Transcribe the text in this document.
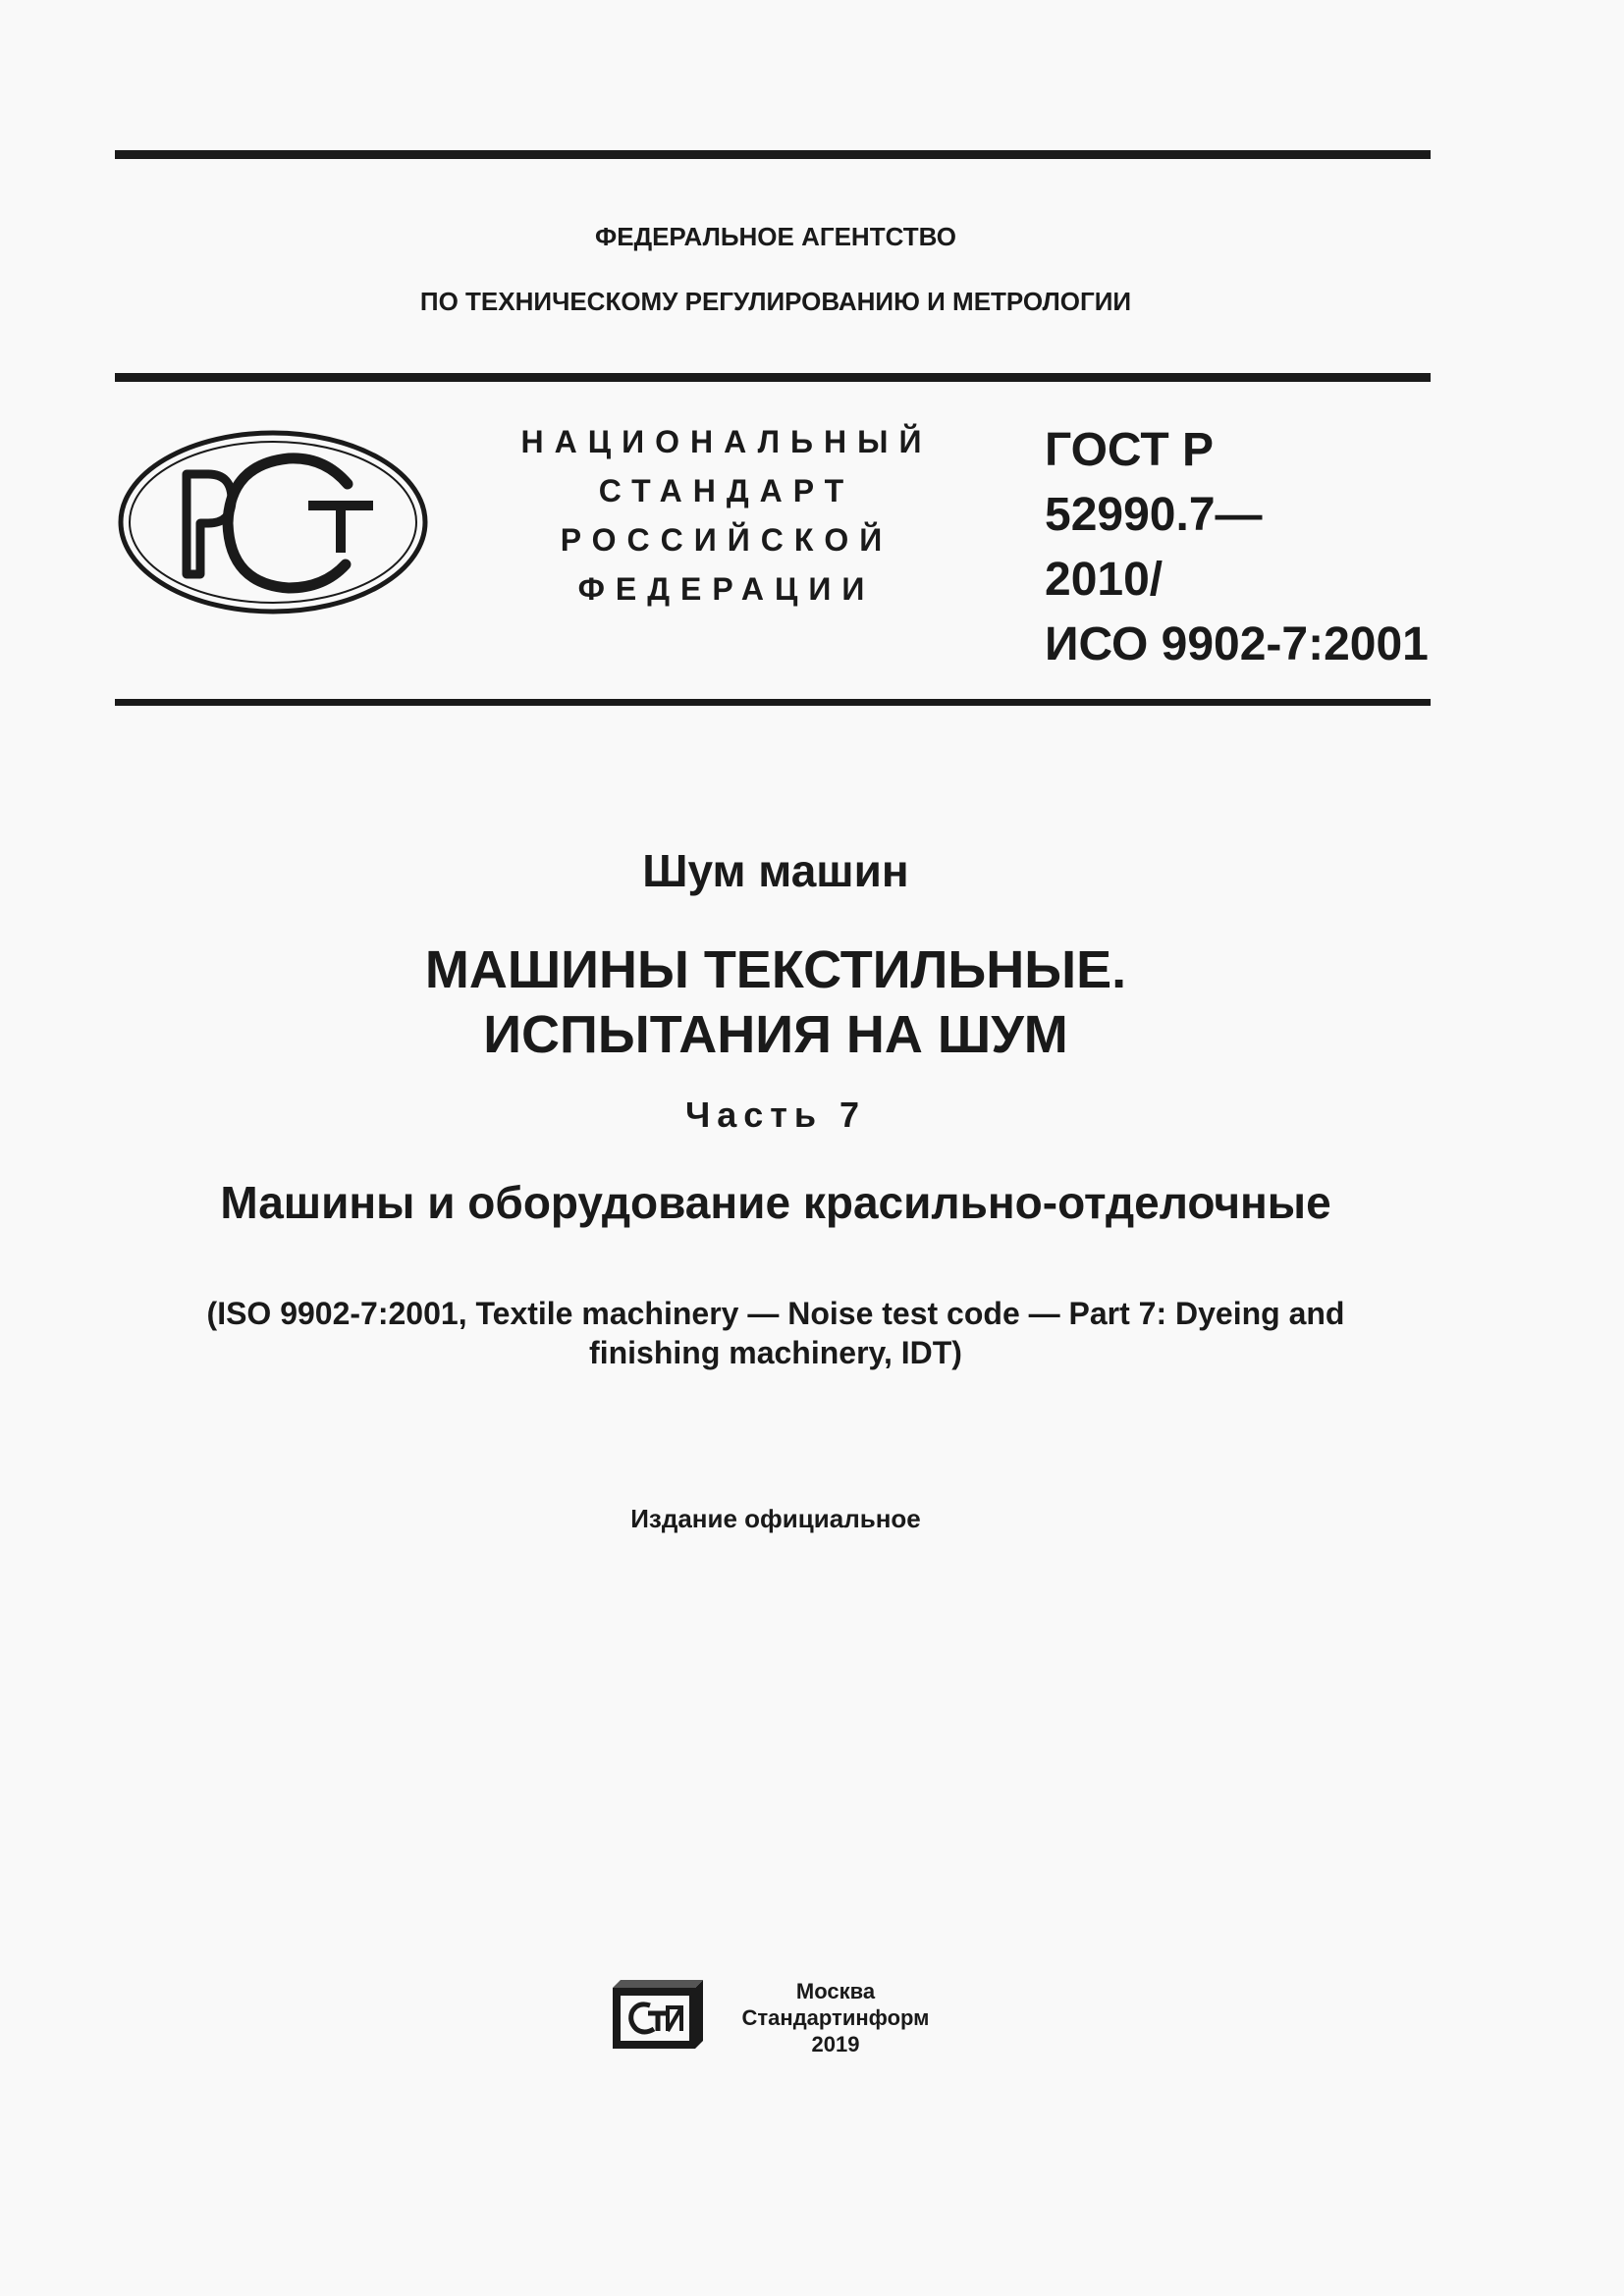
ФЕДЕРАЛЬНОЕ АГЕНТСТВО
ПО ТЕХНИЧЕСКОМУ РЕГУЛИРОВАНИЮ И МЕТРОЛОГИИ
НАЦИОНАЛЬНЫЙ
СТАНДАРТ
РОССИЙСКОЙ
ФЕДЕРАЦИИ
ГОСТ Р
52990.7—
2010/
ИСО 9902-7:2001
Шум машин
МАШИНЫ ТЕКСТИЛЬНЫЕ.
ИСПЫТАНИЯ НА ШУМ
Часть 7
Машины и оборудование красильно-отделочные
(ISO 9902-7:2001, Textile machinery — Noise test code — Part 7: Dyeing and
finishing machinery, IDT)
Издание официальное
Москва
Стандартинформ
2019
